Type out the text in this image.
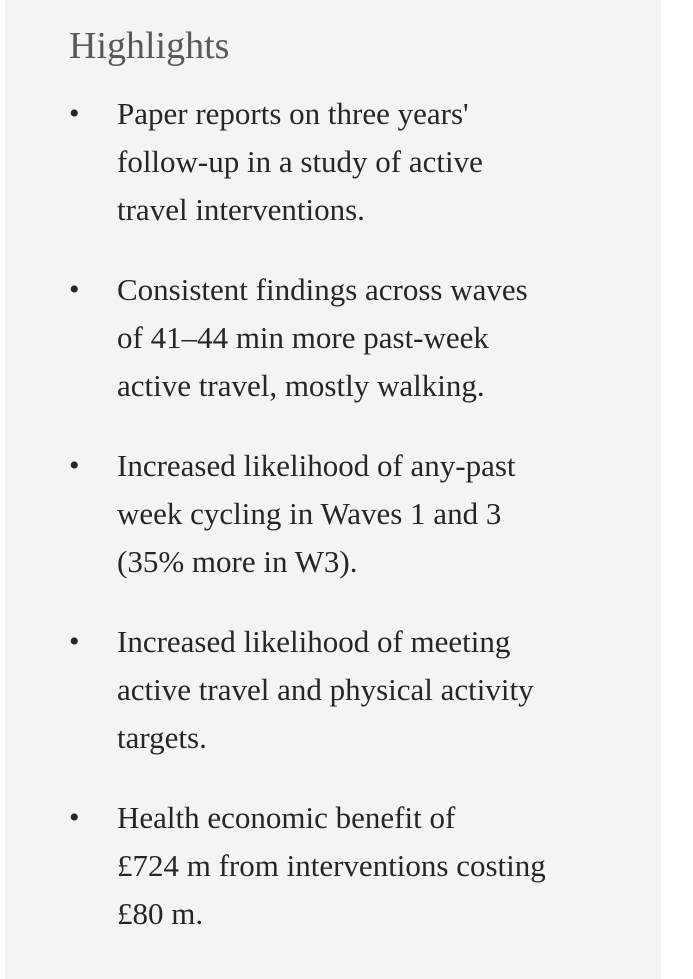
Highlights
• Paper reports on three years'
follow-up in a study of active
travel interventions.
• Consistent findings across waves
of 41–44 min more past-week
active travel, mostly walking.
• Increased likelihood of any-past
week cycling in Waves 1 and 3
(35% more in W3).
• Increased likelihood of meeting
active travel and physical activity
targets.
• Health economic benefit of
£724 m from interventions costing
£80 m.
